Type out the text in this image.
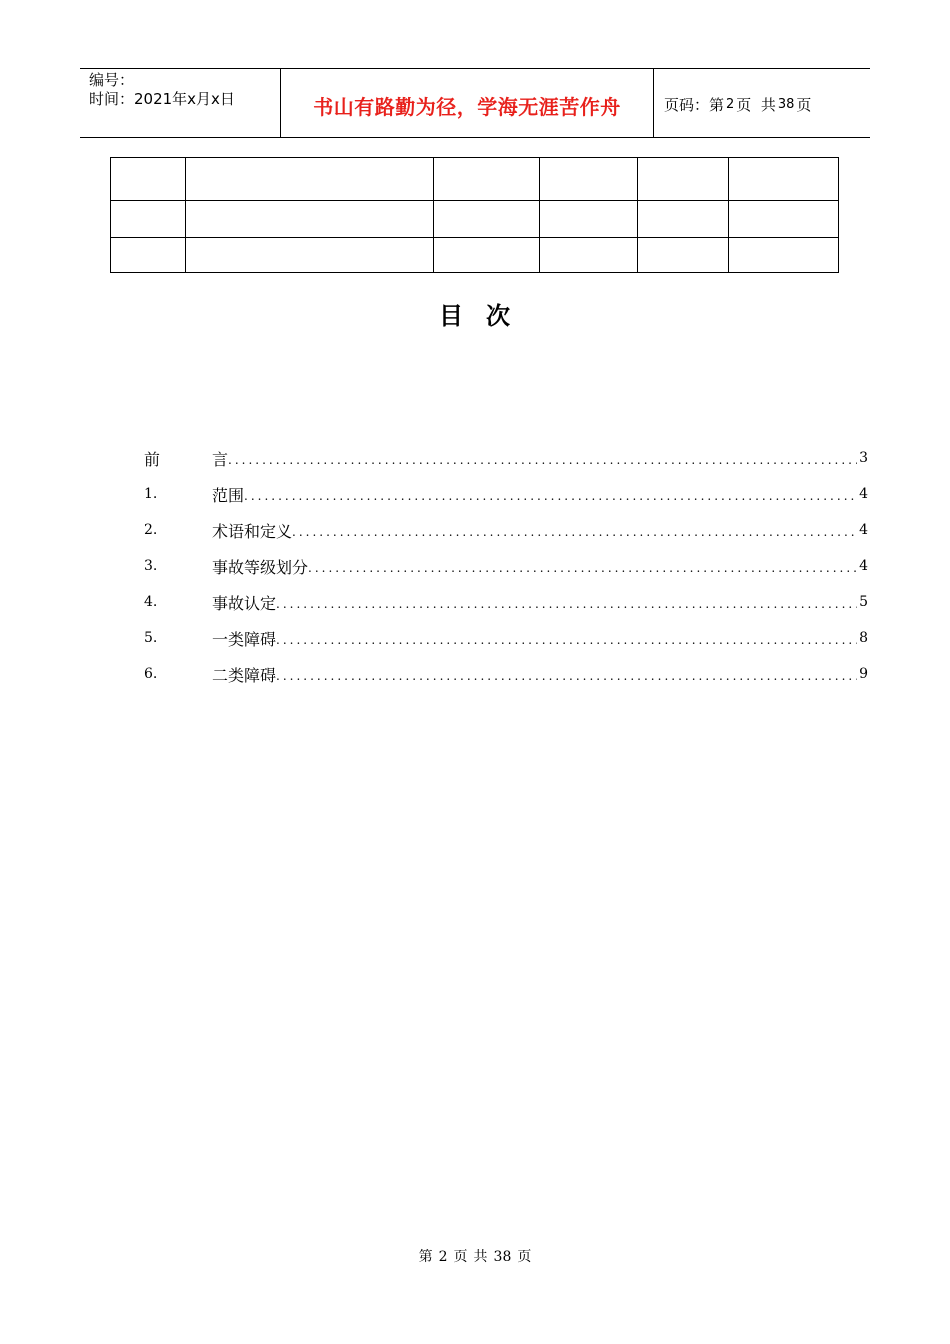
编号：
时间：2021年x月x日	书山有路勤为径，学海无涯苦作舟	页码：第 2 页  共 38 页

目 次
前	言 .....	3
1.	范围 .....	4
2.	术语和定义 .....	4
3.	事故等级划分 .....	4
4.	事故认定 .....	5
5.	一类障碍 .....	8
6.	二类障碍 .....	9
第 2 页 共 38 页
